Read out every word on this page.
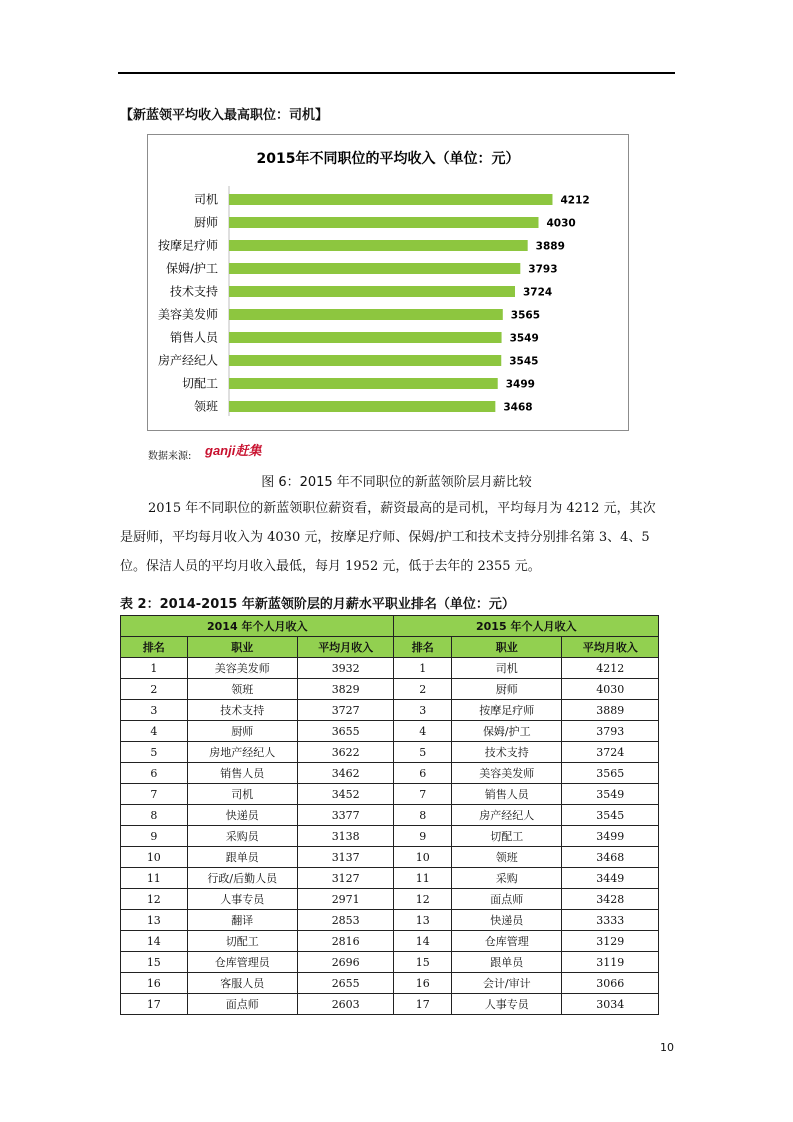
【新蓝领平均收入最高职位：司机】
2015年不同职位的平均收入（单位：元）
司机	4212
厨师	4030
按摩足疗师	3889
保姆/护工	3793
技术支持	3724
美容美发师	3565
销售人员	3549
房产经纪人	3545
切配工	3499
领班	3468
数据来源: ganji赶集
图 6：2015 年不同职位的新蓝领阶层月薪比较
2015 年不同职位的新蓝领职位薪资看，薪资最高的是司机，平均每月为 4212 元，其次
是厨师，平均每月收入为 4030 元，按摩足疗师、保姆/护工和技术支持分别排名第 3、4、5
位。保洁人员的平均月收入最低，每月 1952 元，低于去年的 2355 元。
表 2：2014-2015 年新蓝领阶层的月薪水平职业排名（单位：元）
2014 年个人月收入			2015 年个人月收入		
排名	职业	平均月收入	排名	职业	平均月收入
1	美容美发师	3932	1	司机	4212
2	领班	3829	2	厨师	4030
3	技术支持	3727	3	按摩足疗师	3889
4	厨师	3655	4	保姆/护工	3793
5	房地产经纪人	3622	5	技术支持	3724
6	销售人员	3462	6	美容美发师	3565
7	司机	3452	7	销售人员	3549
8	快递员	3377	8	房产经纪人	3545
9	采购员	3138	9	切配工	3499
10	跟单员	3137	10	领班	3468
11	行政/后勤人员	3127	11	采购	3449
12	人事专员	2971	12	面点师	3428
13	翻译	2853	13	快递员	3333
14	切配工	2816	14	仓库管理	3129
15	仓库管理员	2696	15	跟单员	3119
16	客服人员	2655	16	会计/审计	3066
17	面点师	2603	17	人事专员	3034
10
